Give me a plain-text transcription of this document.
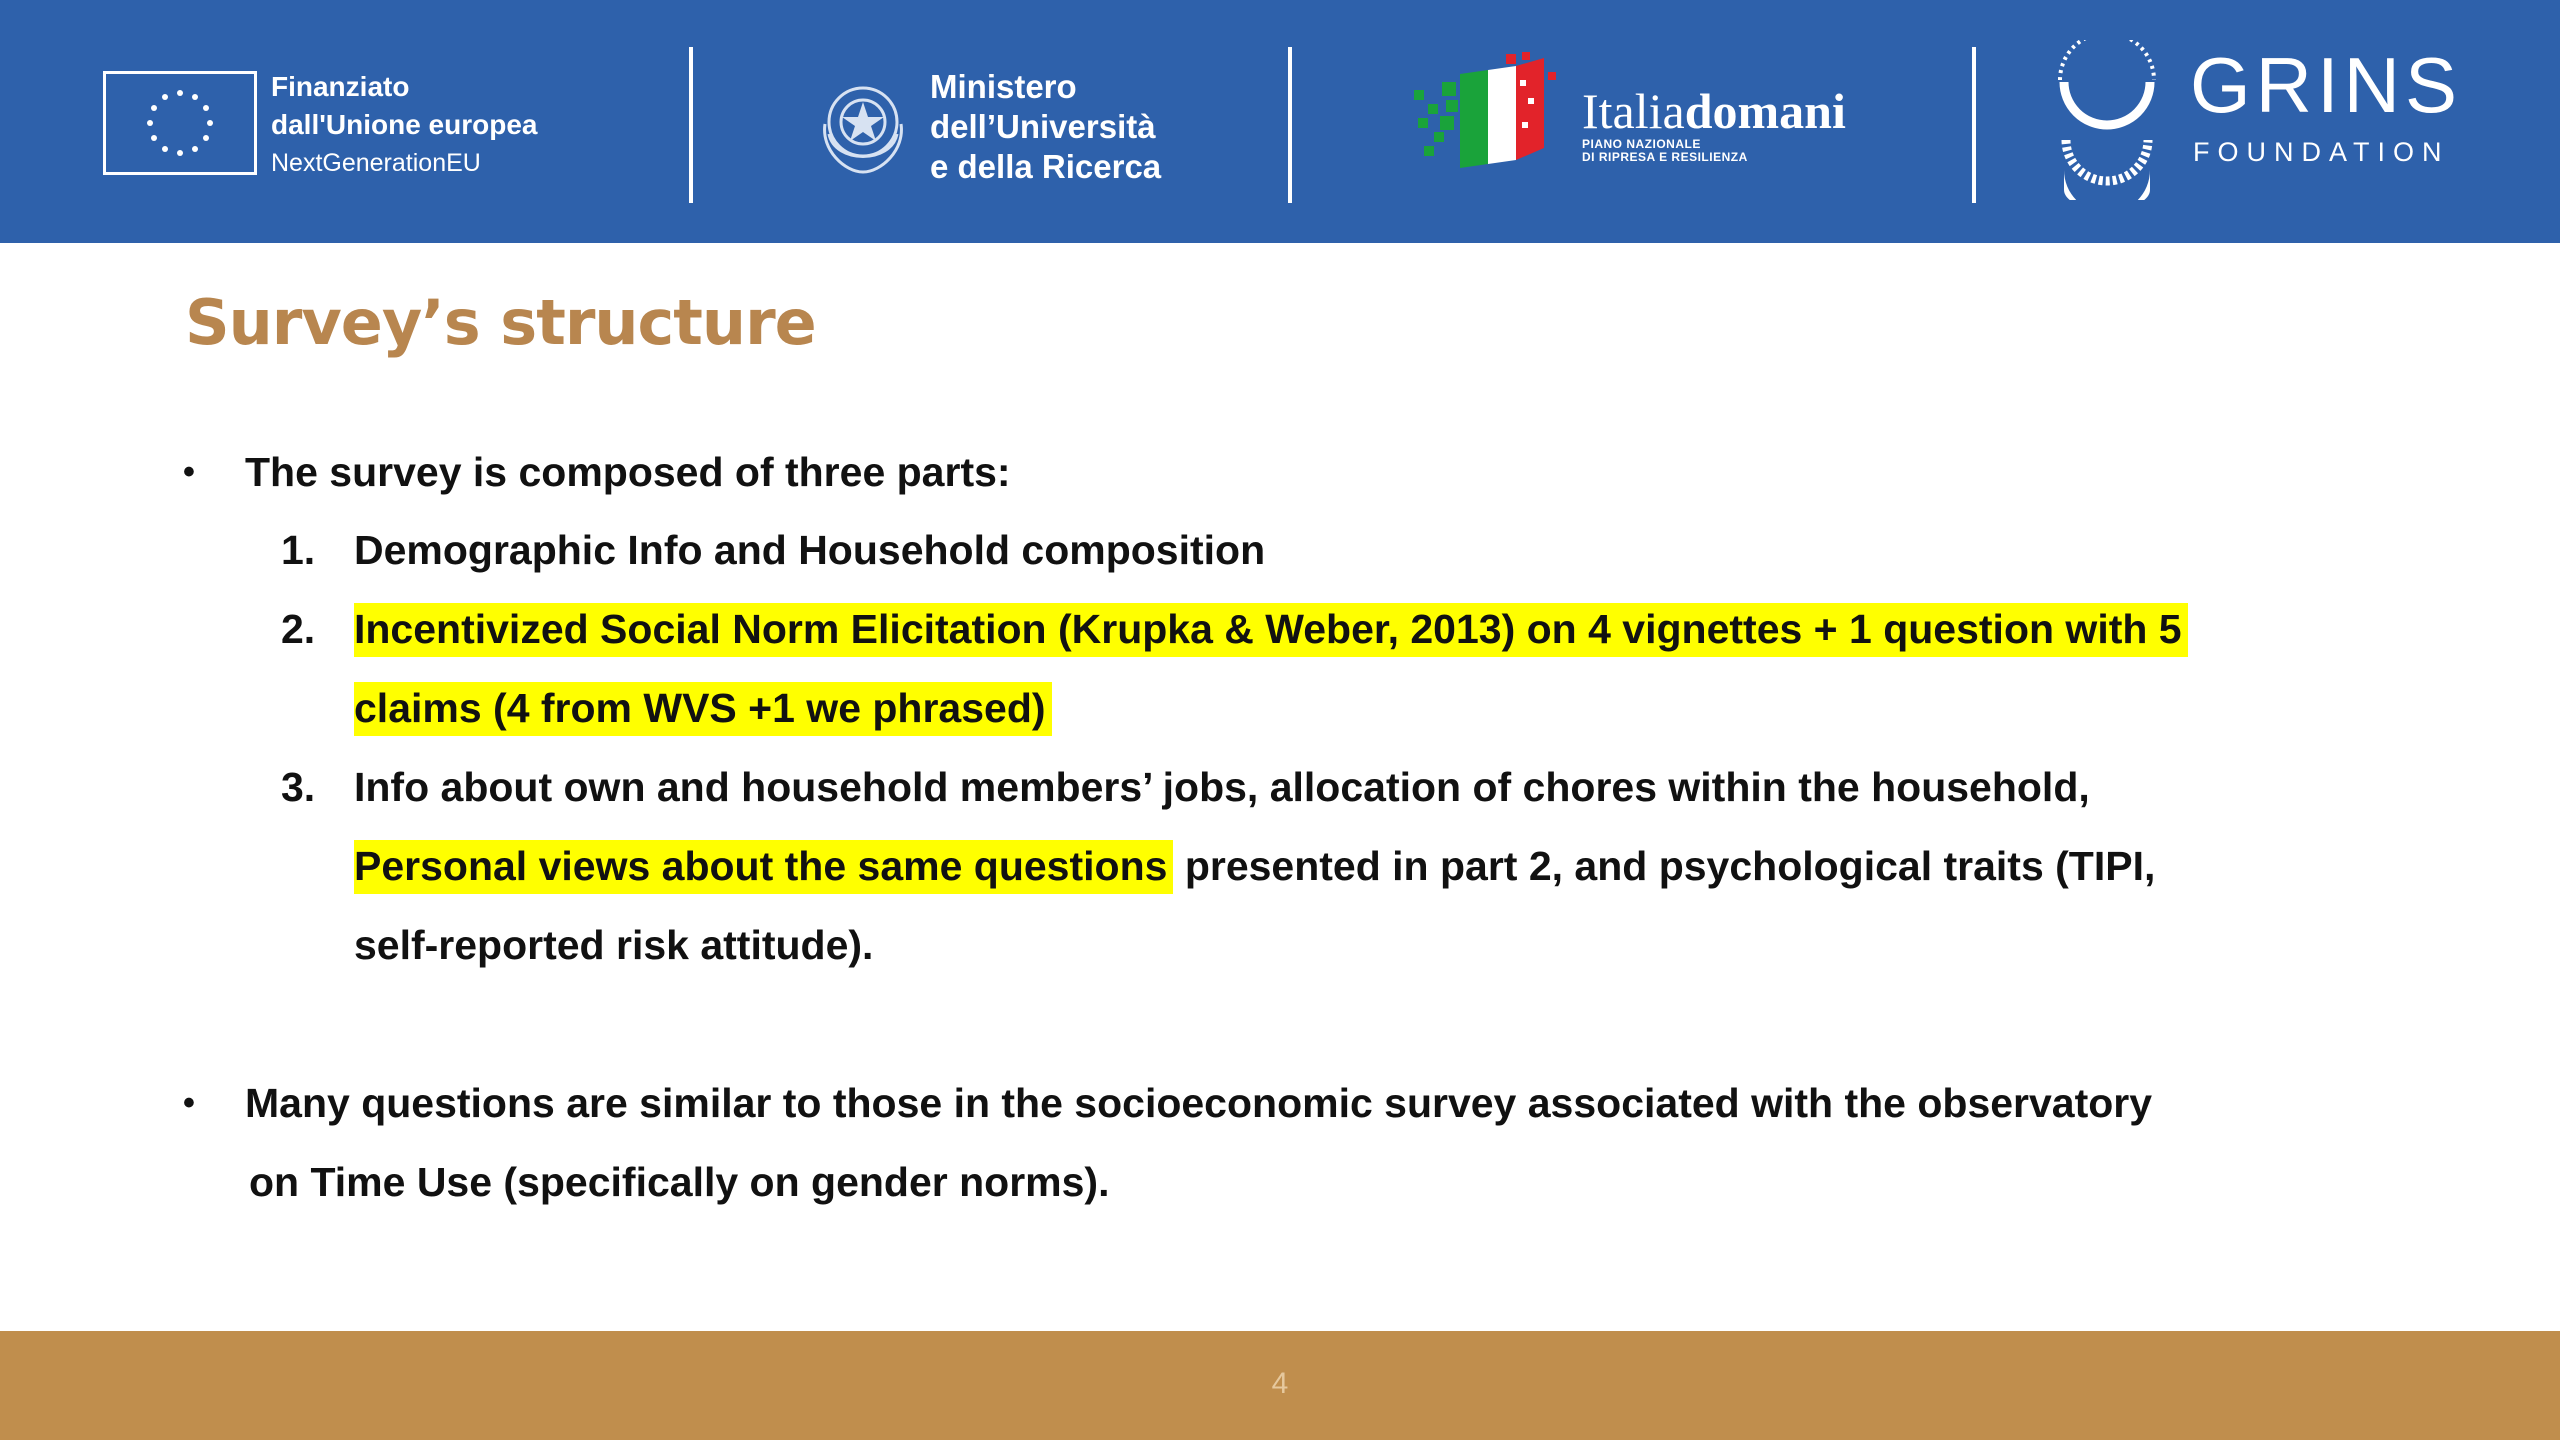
Finanziato
dall'Unione europea
NextGenerationEU
Ministero
dell’Università
e della Ricerca
Italiadomani
PIANO NAZIONALE
DI RIPRESA E RESILIENZA
GRINS
FOUNDATION
Survey’s structure
• The survey is composed of three parts:
1. Demographic Info and Household composition
2. Incentivized Social Norm Elicitation (Krupka & Weber, 2013) on 4 vignettes + 1 question with 5
claims (4 from WVS +1 we phrased)
3. Info about own and household members’ jobs, allocation of chores within the household,
Personal views about the same questions presented in part 2, and psychological traits (TIPI,
self-reported risk attitude).
• Many questions are similar to those in the socioeconomic survey associated with the observatory
on Time Use (specifically on gender norms).
4
